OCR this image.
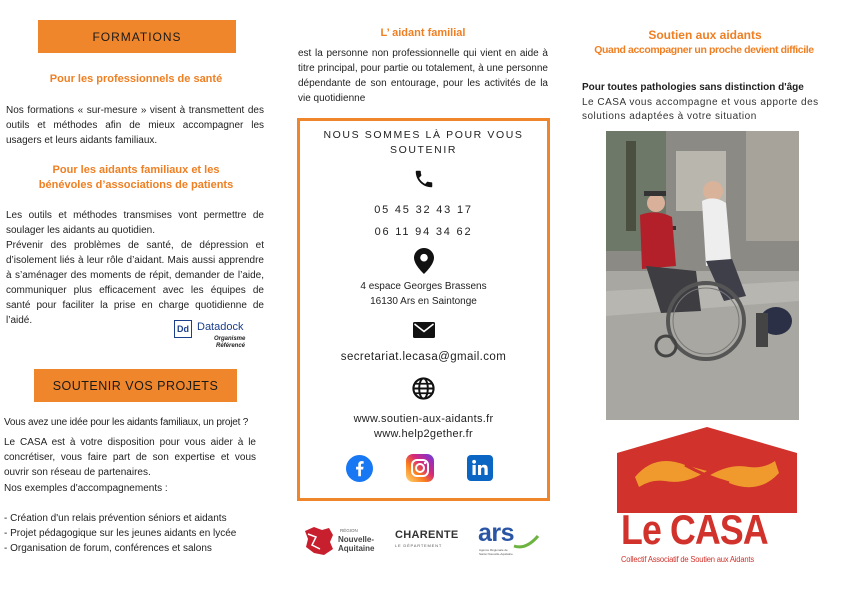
FORMATIONS
Pour les professionnels de santé

Nos formations « sur-mesure » visent à transmettent des outils et méthodes afin de mieux accompagner les usagers et leurs aidants familiaux.

Pour les aidants familiaux et les
bénévoles d’associations de patients

Les outils et méthodes transmises vont permettre de soulager les aidants au quotidien.

Prévenir des problèmes de santé, de dépression et d’isolement liés à leur rôle d’aidant. Mais aussi apprendre à s’aménager des moments de répit, demander de l’aide, communiquer plus efficacement avec les équipes de santé pour faciliter la prise en charge quotidienne de l’aidé.

Dd Datadock
Organisme
Référencé
SOUTENIR VOS PROJETS

Vous avez une idée pour les aidants familiaux, un projet ?

Le CASA est à votre disposition pour vous aider à le concrétiser, vous faire part de son expertise et vous ouvrir son réseau de partenaires.

Nos exemples d'accompagnements :

- Création d'un relais prévention séniors et aidants
- Projet pédagogique sur les jeunes aidants en lycée
- Organisation de forum, conférences et salons
L’ aidant familial

est la personne non professionnelle qui vient en aide à titre principal, pour partie ou totalement, à une personne dépendante de son entourage, pour les activités de la vie quotidienne

NOUS SOMMES LÀ POUR VOUS
SOUTENIR
05 45 32 43 17
06 11 94 34 62
4 espace Georges Brassens
16130 Ars en Saintonge
secretariat.lecasa@gmail.com
www.soutien-aux-aidants.fr
www.help2gether.fr
RÉGION
Nouvelle-
Aquitaine
CHARENTE
LE DÉPARTEMENT	ars
Agence Régionale de Santé Nouvelle-Aquitaine
Soutien aux aidants
Quand accompagner un proche devient difficile
Pour toutes pathologies sans distinction d'âge

Le CASA vous accompagne et vous apporte des solutions adaptées à votre situation

Le CASA
Collectif Associatif de Soutien aux Aidants
